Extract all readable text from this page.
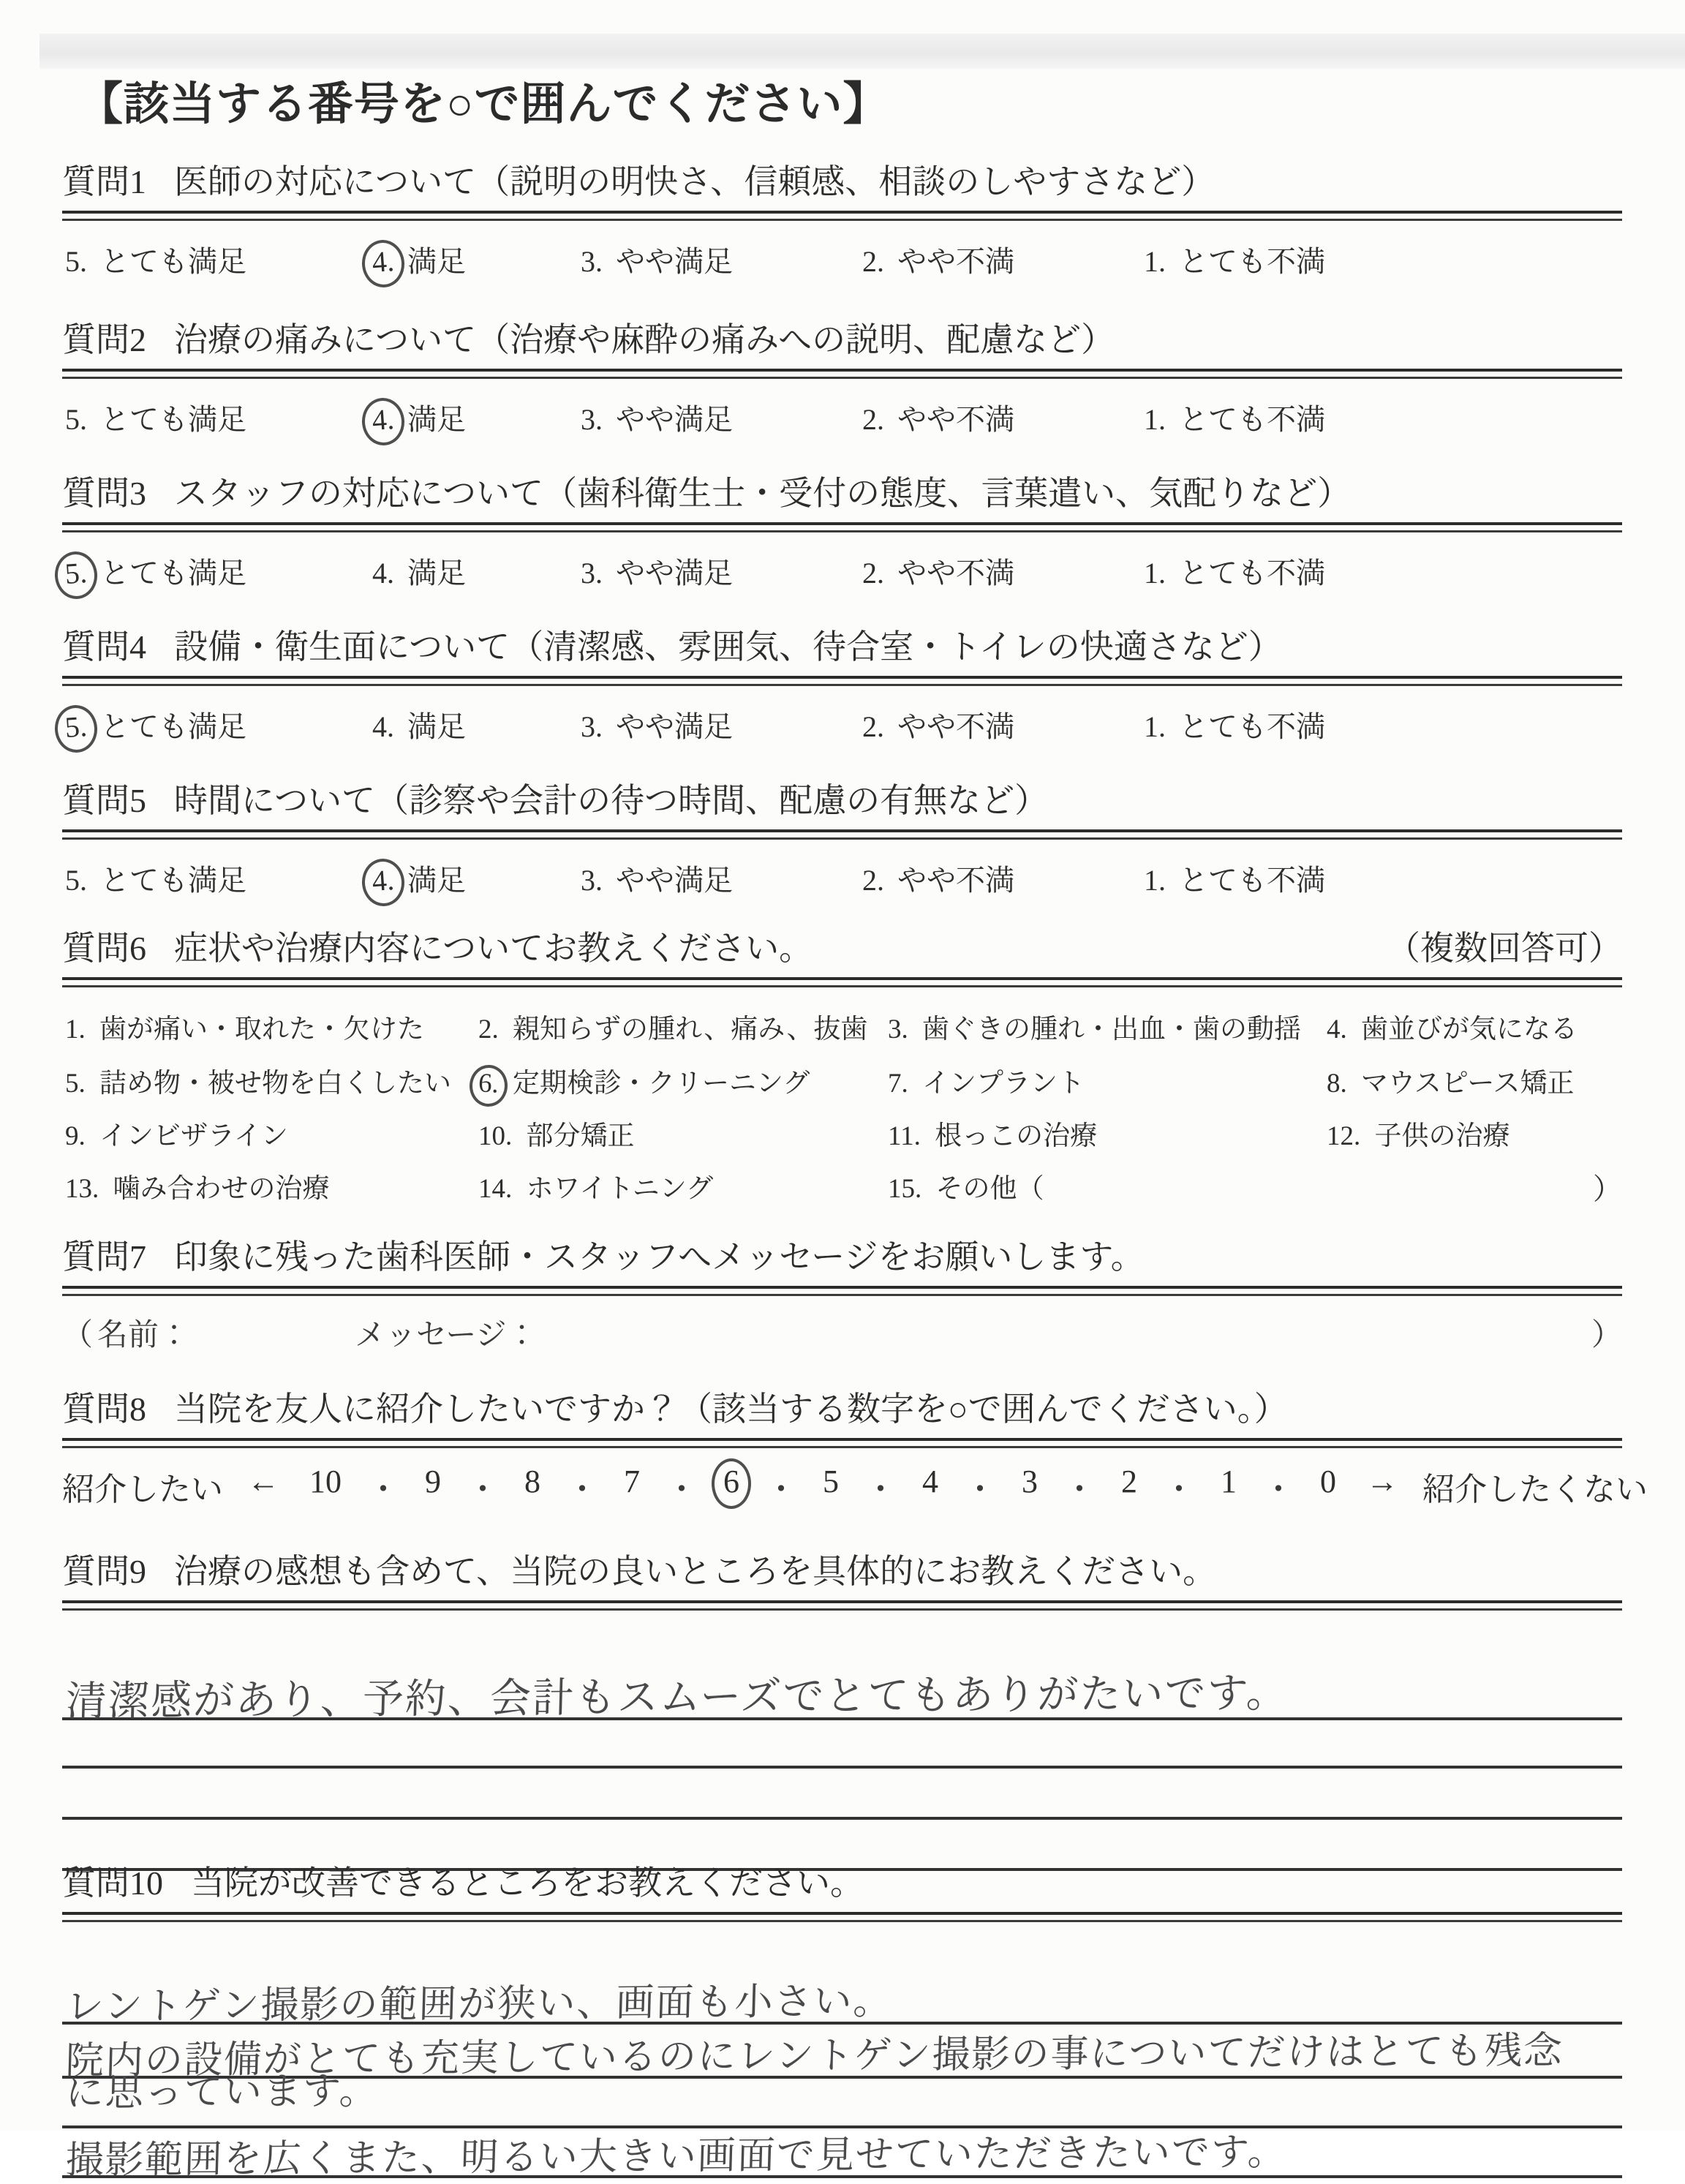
【該当する番号を○で囲んでください】
質問1 医師の対応について（説明の明快さ、信頼感、相談のしやすさなど）
5. とても満足	4. 満足	3. やや満足	2. やや不満	1. とても不満
質問2 治療の痛みについて（治療や麻酔の痛みへの説明、配慮など）
5. とても満足	4. 満足	3. やや満足	2. やや不満	1. とても不満
質問3 スタッフの対応について（歯科衛生士・受付の態度、言葉遣い、気配りなど）
5. とても満足	4. 満足	3. やや満足	2. やや不満	1. とても不満
質問4 設備・衛生面について（清潔感、雰囲気、待合室・トイレの快適さなど）
5. とても満足	4. 満足	3. やや満足	2. やや不満	1. とても不満
質問5 時間について（診察や会計の待つ時間、配慮の有無など）
5. とても満足	4. 満足	3. やや満足	2. やや不満	1. とても不満
質問6 症状や治療内容についてお教えください。	（複数回答可）
1. 歯が痛い・取れた・欠けた 2. 親知らずの腫れ、痛み、抜歯 3. 歯ぐきの腫れ・出血・歯の動揺 4. 歯並びが気になる
5. 詰め物・被せ物を白くしたい 6. 定期検診・クリーニング	7. インプラント	8. マウスピース矯正
9. インビザライン	10. 部分矯正	11. 根っこの治療	12. 子供の治療
13. 噛み合わせの治療	14. ホワイトニング	15. その他（	）
質問7 印象に残った歯科医師・スタッフへメッセージをお願いします。
（ 名前：	メッセージ：	）
質問8 当院を友人に紹介したいですか？（該当する数字を○で囲んでください。）
紹介したい ← 10 ・ 9 ・ 8 ・ 7 ・ 6 ・ 5 ・ 4 ・ 3 ・ 2 ・ 1 ・ 0 → 紹介したくない
質問9 治療の感想も含めて、当院の良いところを具体的にお教えください。
清潔感があり、予約、会計もスムーズでとてもありがたいです。
質問10 当院が改善できるところをお教えください。
レントゲン撮影の範囲が狭い、画面も小さい。
院内の設備がとても充実しているのにレントゲン撮影の事についてだけはとても残念
に思っています。
撮影範囲を広くまた、明るい大きい画面で見せていただきたいです。
